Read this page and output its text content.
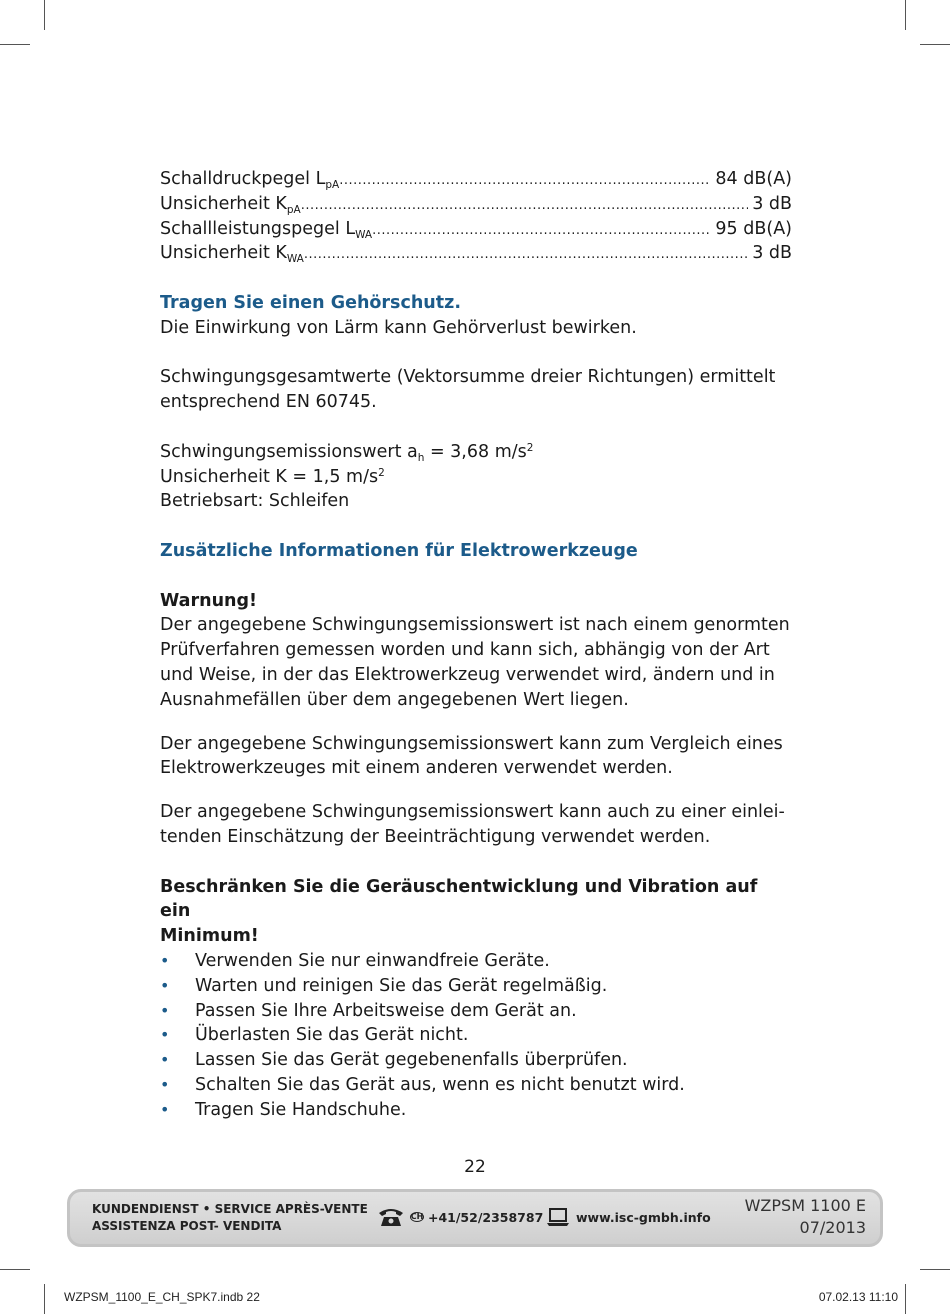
Schalldruckpegel $L_{pA}$ .....	84 dB(A)
Unsicherheit $K_{pA}$ .....	3 dB
Schallleistungspegel $L_{WA}$ .....	95 dB(A)
Unsicherheit $K_{WA}$ .....	3 dB
Tragen Sie einen Gehörschutz.
Die Einwirkung von Lärm kann Gehörverlust bewirken.
Schwingungsgesamtwerte (Vektorsumme dreier Richtungen) ermittelt
entsprechend EN 60745.
Schwingungsemissionswert $a_h = 3,68$ $m/s^2$
Unsicherheit K = 1,5 $m/s^2$
Betriebsart: Schleifen
Zusätzliche Informationen für Elektrowerkzeuge
Warnung!
Der angegebene Schwingungsemissionswert ist nach einem genormten
Prüfverfahren gemessen worden und kann sich, abhängig von der Art
und Weise, in der das Elektrowerkzeug verwendet wird, ändern und in
Ausnahmefällen über dem angegebenen Wert liegen.
Der angegebene Schwingungsemissionswert kann zum Vergleich eines
Elektrowerkzeuges mit einem anderen verwendet werden.
Der angegebene Schwingungsemissionswert kann auch zu einer einlei-
tenden Einschätzung der Beeinträchtigung verwendet werden.
Beschränken Sie die Geräuschentwicklung und Vibration auf ein
Minimum!
• Verwenden Sie nur einwandfreie Geräte.
• Warten und reinigen Sie das Gerät regelmäßig.
• Passen Sie Ihre Arbeitsweise dem Gerät an.
• Überlasten Sie das Gerät nicht.
• Lassen Sie das Gerät gegebenenfalls überprüfen.
• Schalten Sie das Gerät aus, wenn es nicht benutzt wird.
• Tragen Sie Handschuhe.
22
KUNDENDIENST • SERVICE APRÈS-VENTE
ASSISTENZA POST- VENDITA
CH +41/52/2358787	www.isc-gmbh.info
WZPSM 1100 E
07/2013
WZPSM_1100_E_CH_SPK7.indb 22	07.02.13 11:10
